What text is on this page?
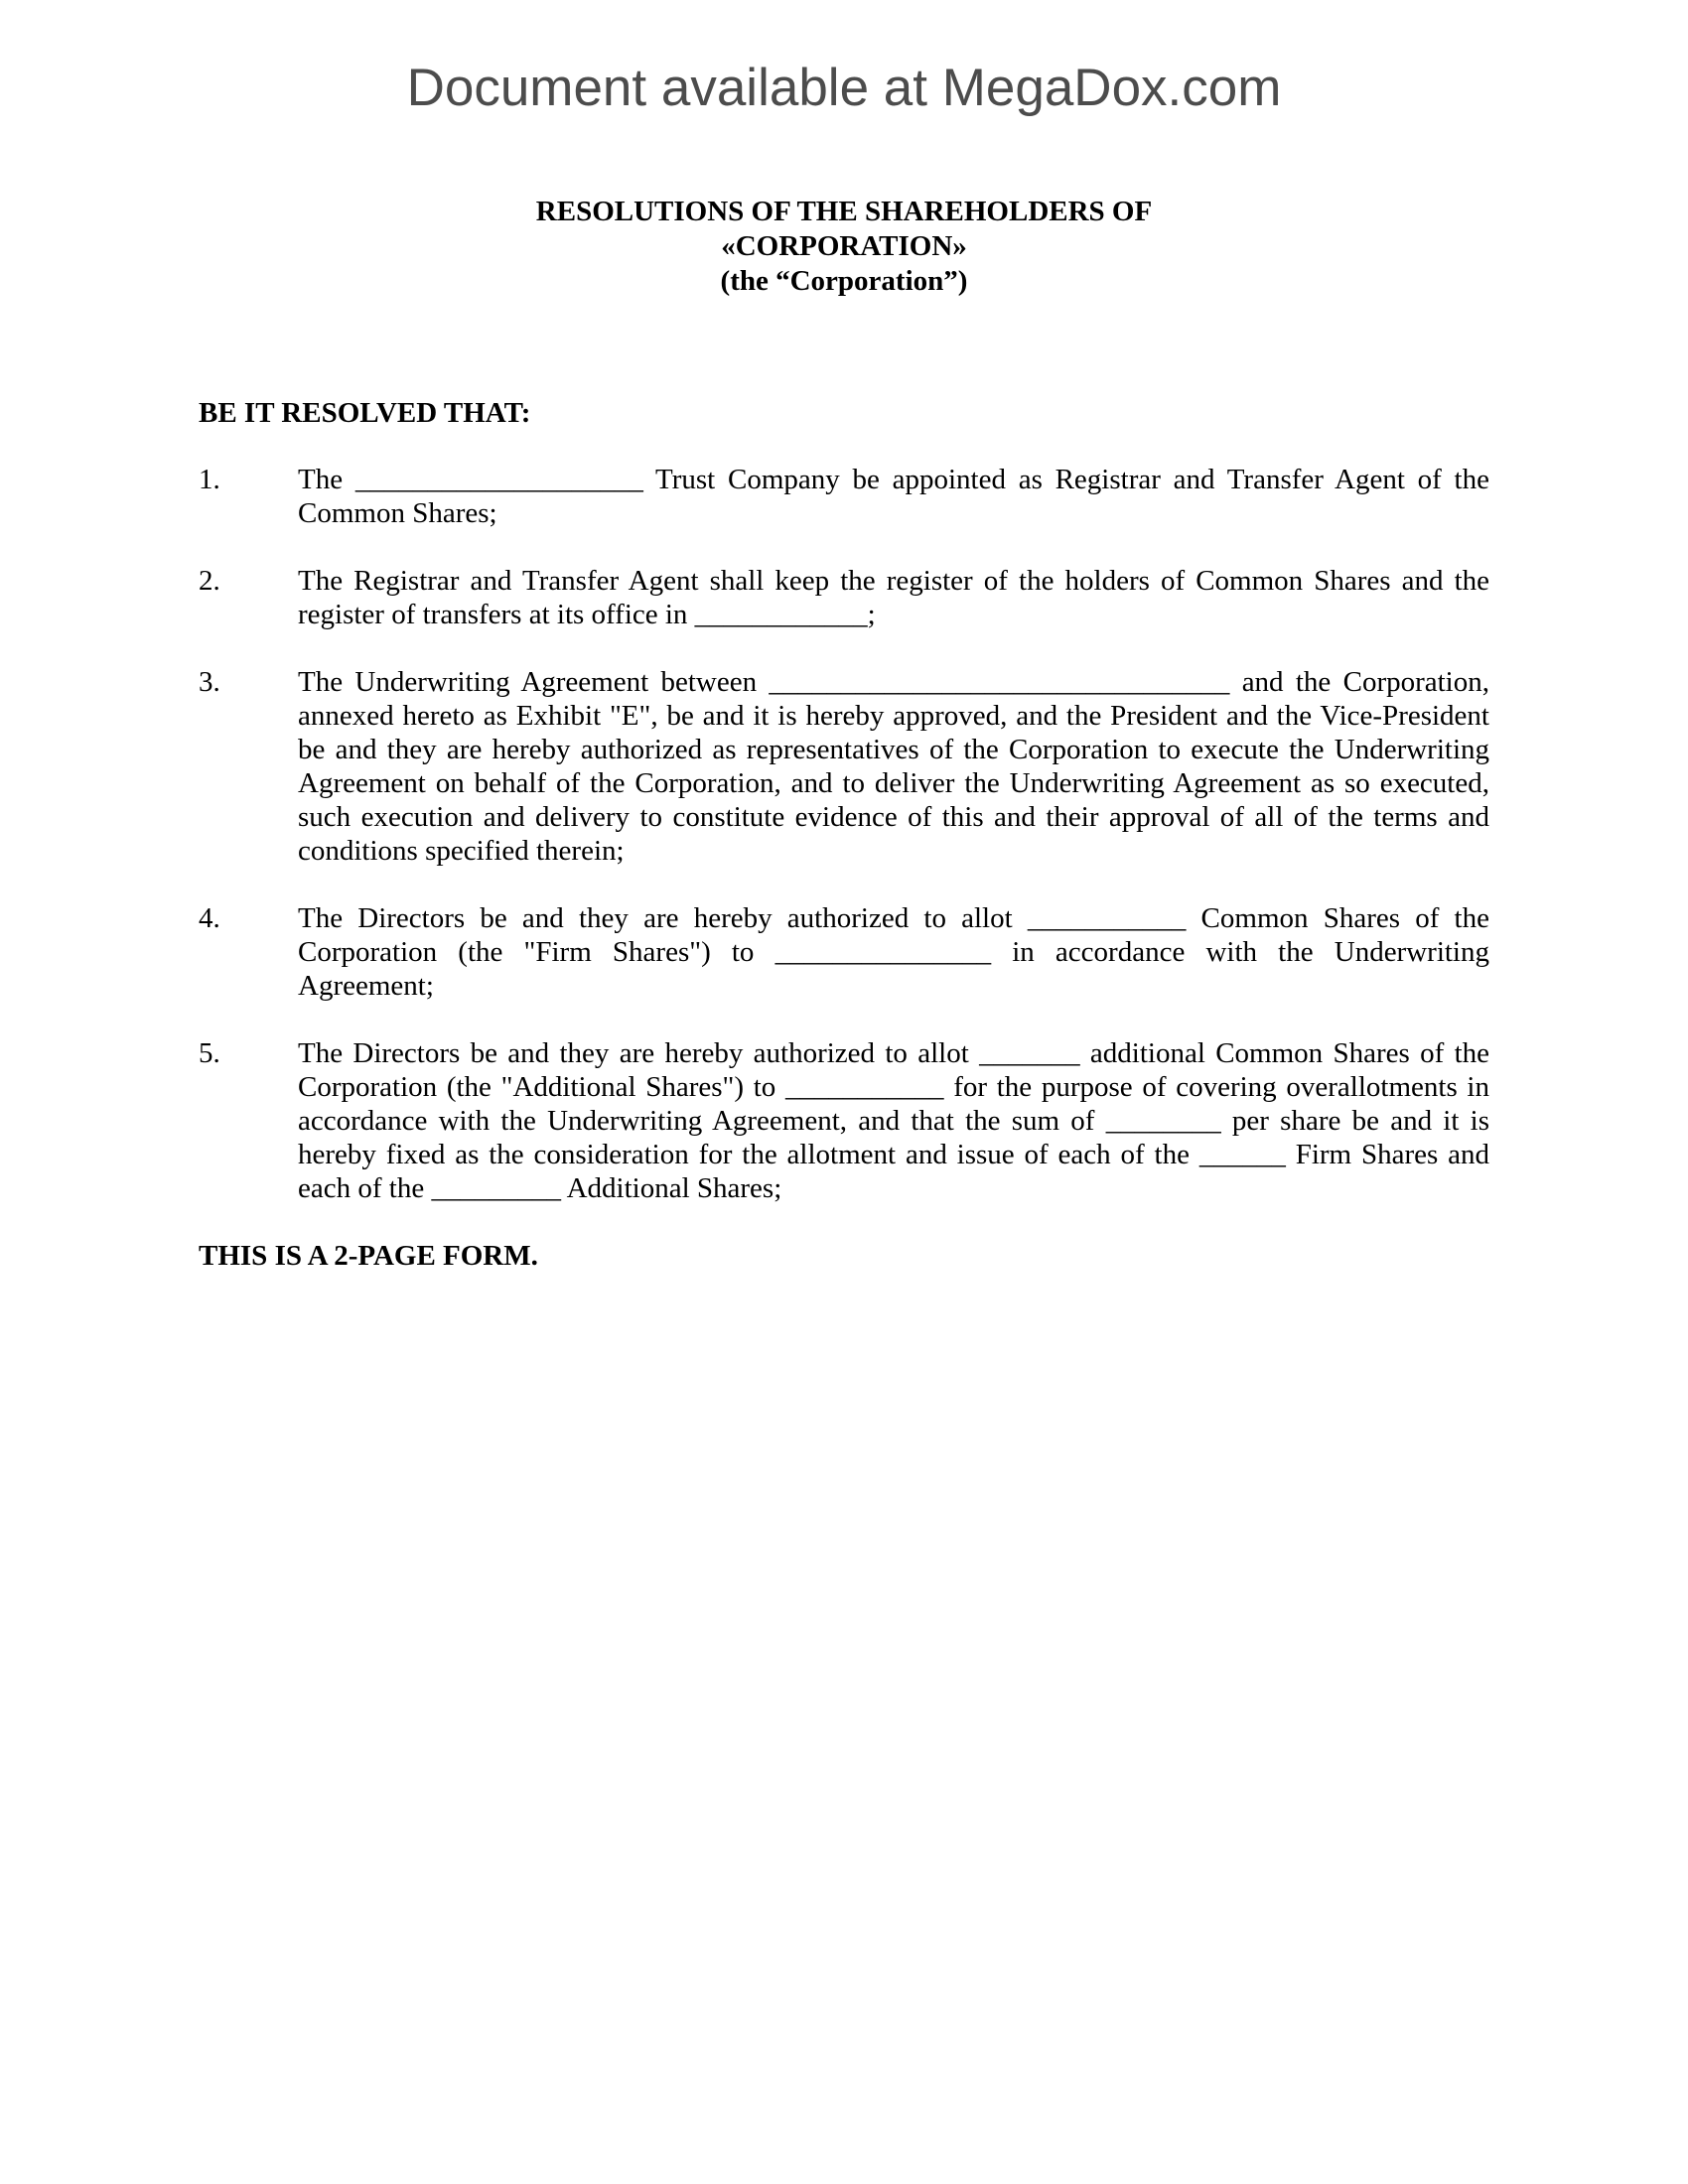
Document available at MegaDox.com
RESOLUTIONS OF THE SHAREHOLDERS OF
«CORPORATION»
(the “Corporation”)
BE IT RESOLVED THAT:
1.	The ____________________ Trust Company be appointed as Registrar and Transfer Agent of the Common Shares;
2.	The Registrar and Transfer Agent shall keep the register of the holders of Common Shares and the register of transfers at its office in ____________;
3.	The Underwriting Agreement between ________________________________ and the Corporation, annexed hereto as Exhibit "E", be and it is hereby approved, and the President and the Vice-President be and they are hereby authorized as representatives of the Corporation to execute the Underwriting Agreement on behalf of the Corporation, and to deliver the Underwriting Agreement as so executed, such execution and delivery to constitute evidence of this and their approval of all of the terms and conditions specified therein;
4.	The Directors be and they are hereby authorized to allot ___________ Common Shares of the Corporation (the "Firm Shares") to _______________ in accordance with the Underwriting Agreement;
5.	The Directors be and they are hereby authorized to allot _______ additional Common Shares of the Corporation (the "Additional Shares") to ___________ for the purpose of covering overallotments in accordance with the Underwriting Agreement, and that the sum of ________ per share be and it is hereby fixed as the consideration for the allotment and issue of each of the ______ Firm Shares and each of the _________ Additional Shares;
THIS IS A 2-PAGE FORM.
